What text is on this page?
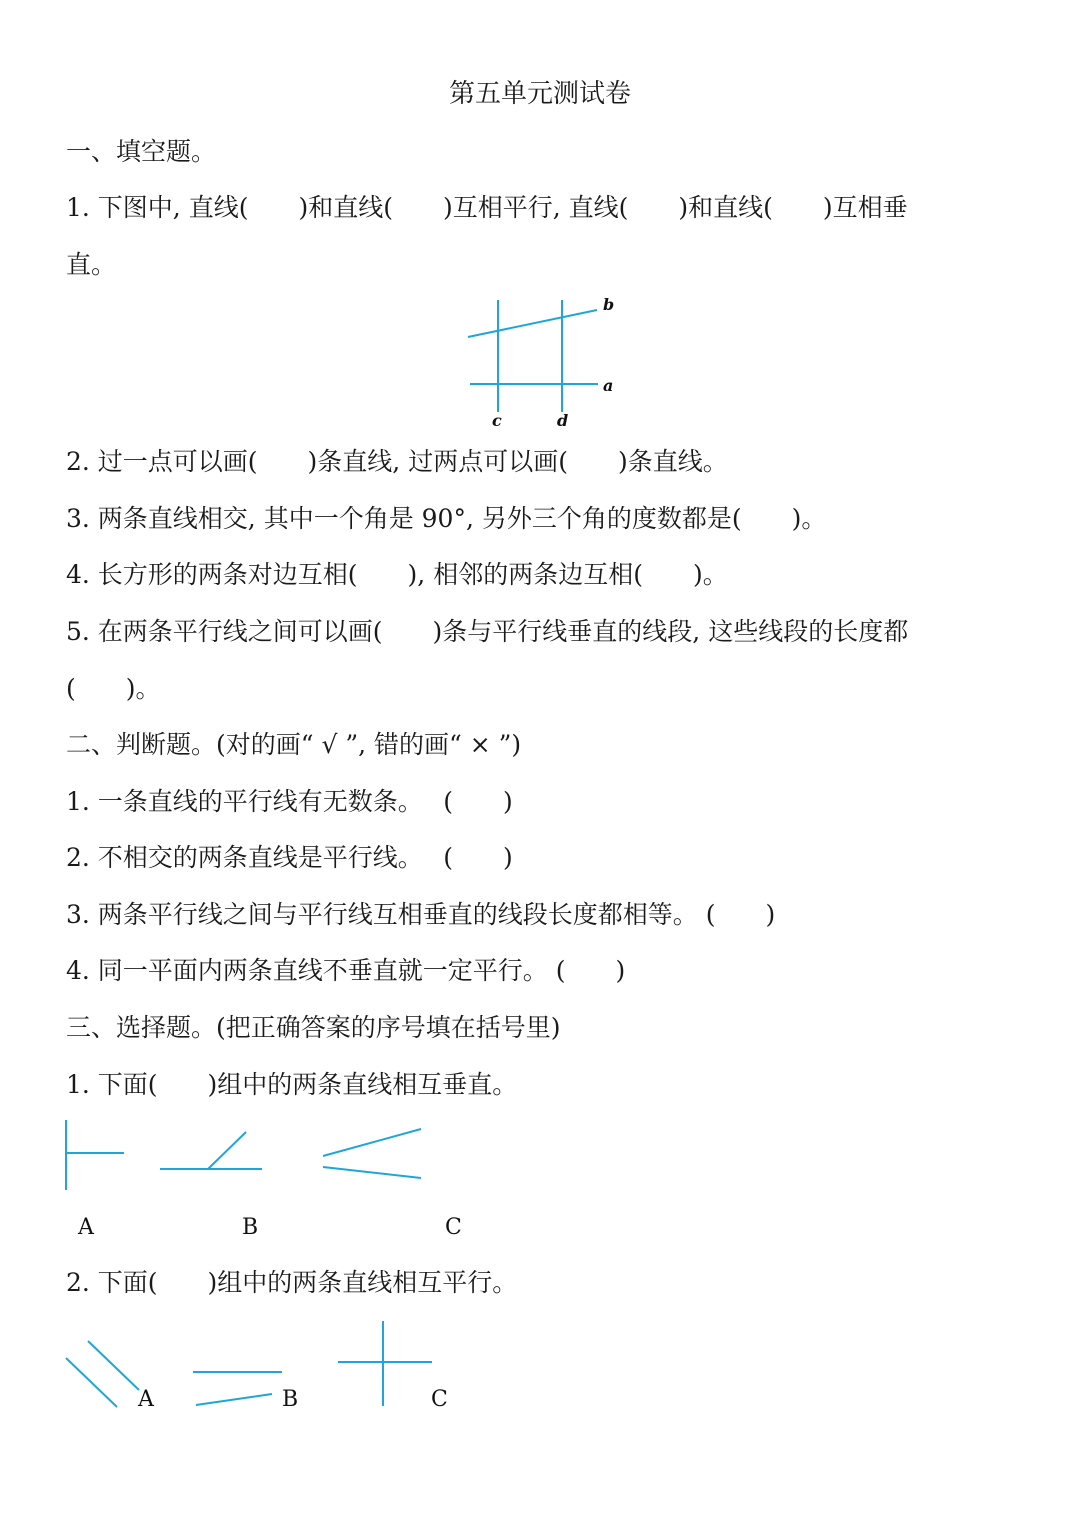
第五单元测试卷
一、填空题。
1. 下图中, 直线(　　)和直线(　　)互相平行, 直线(　　)和直线(　　)互相垂
直。
b
a
c	d
2. 过一点可以画(　　)条直线, 过两点可以画(　　)条直线。
3. 两条直线相交, 其中一个角是 90°, 另外三个角的度数都是(　　)。
4. 长方形的两条对边互相(　　), 相邻的两条边互相(　　)。
5. 在两条平行线之间可以画(　　)条与平行线垂直的线段, 这些线段的长度都
(　　)。
二、判断题。(对的画“ √ ”, 错的画“ × ”)
1. 一条直线的平行线有无数条。　 (　　)
2. 不相交的两条直线是平行线。　 (　　)
3. 两条平行线之间与平行线互相垂直的线段长度都相等。 (　　)
4. 同一平面内两条直线不垂直就一定平行。 (　　)
三、选择题。(把正确答案的序号填在括号里)
1. 下面(　　)组中的两条直线相互垂直。
A	B	C
2. 下面(　　)组中的两条直线相互平行。
A	B	C
